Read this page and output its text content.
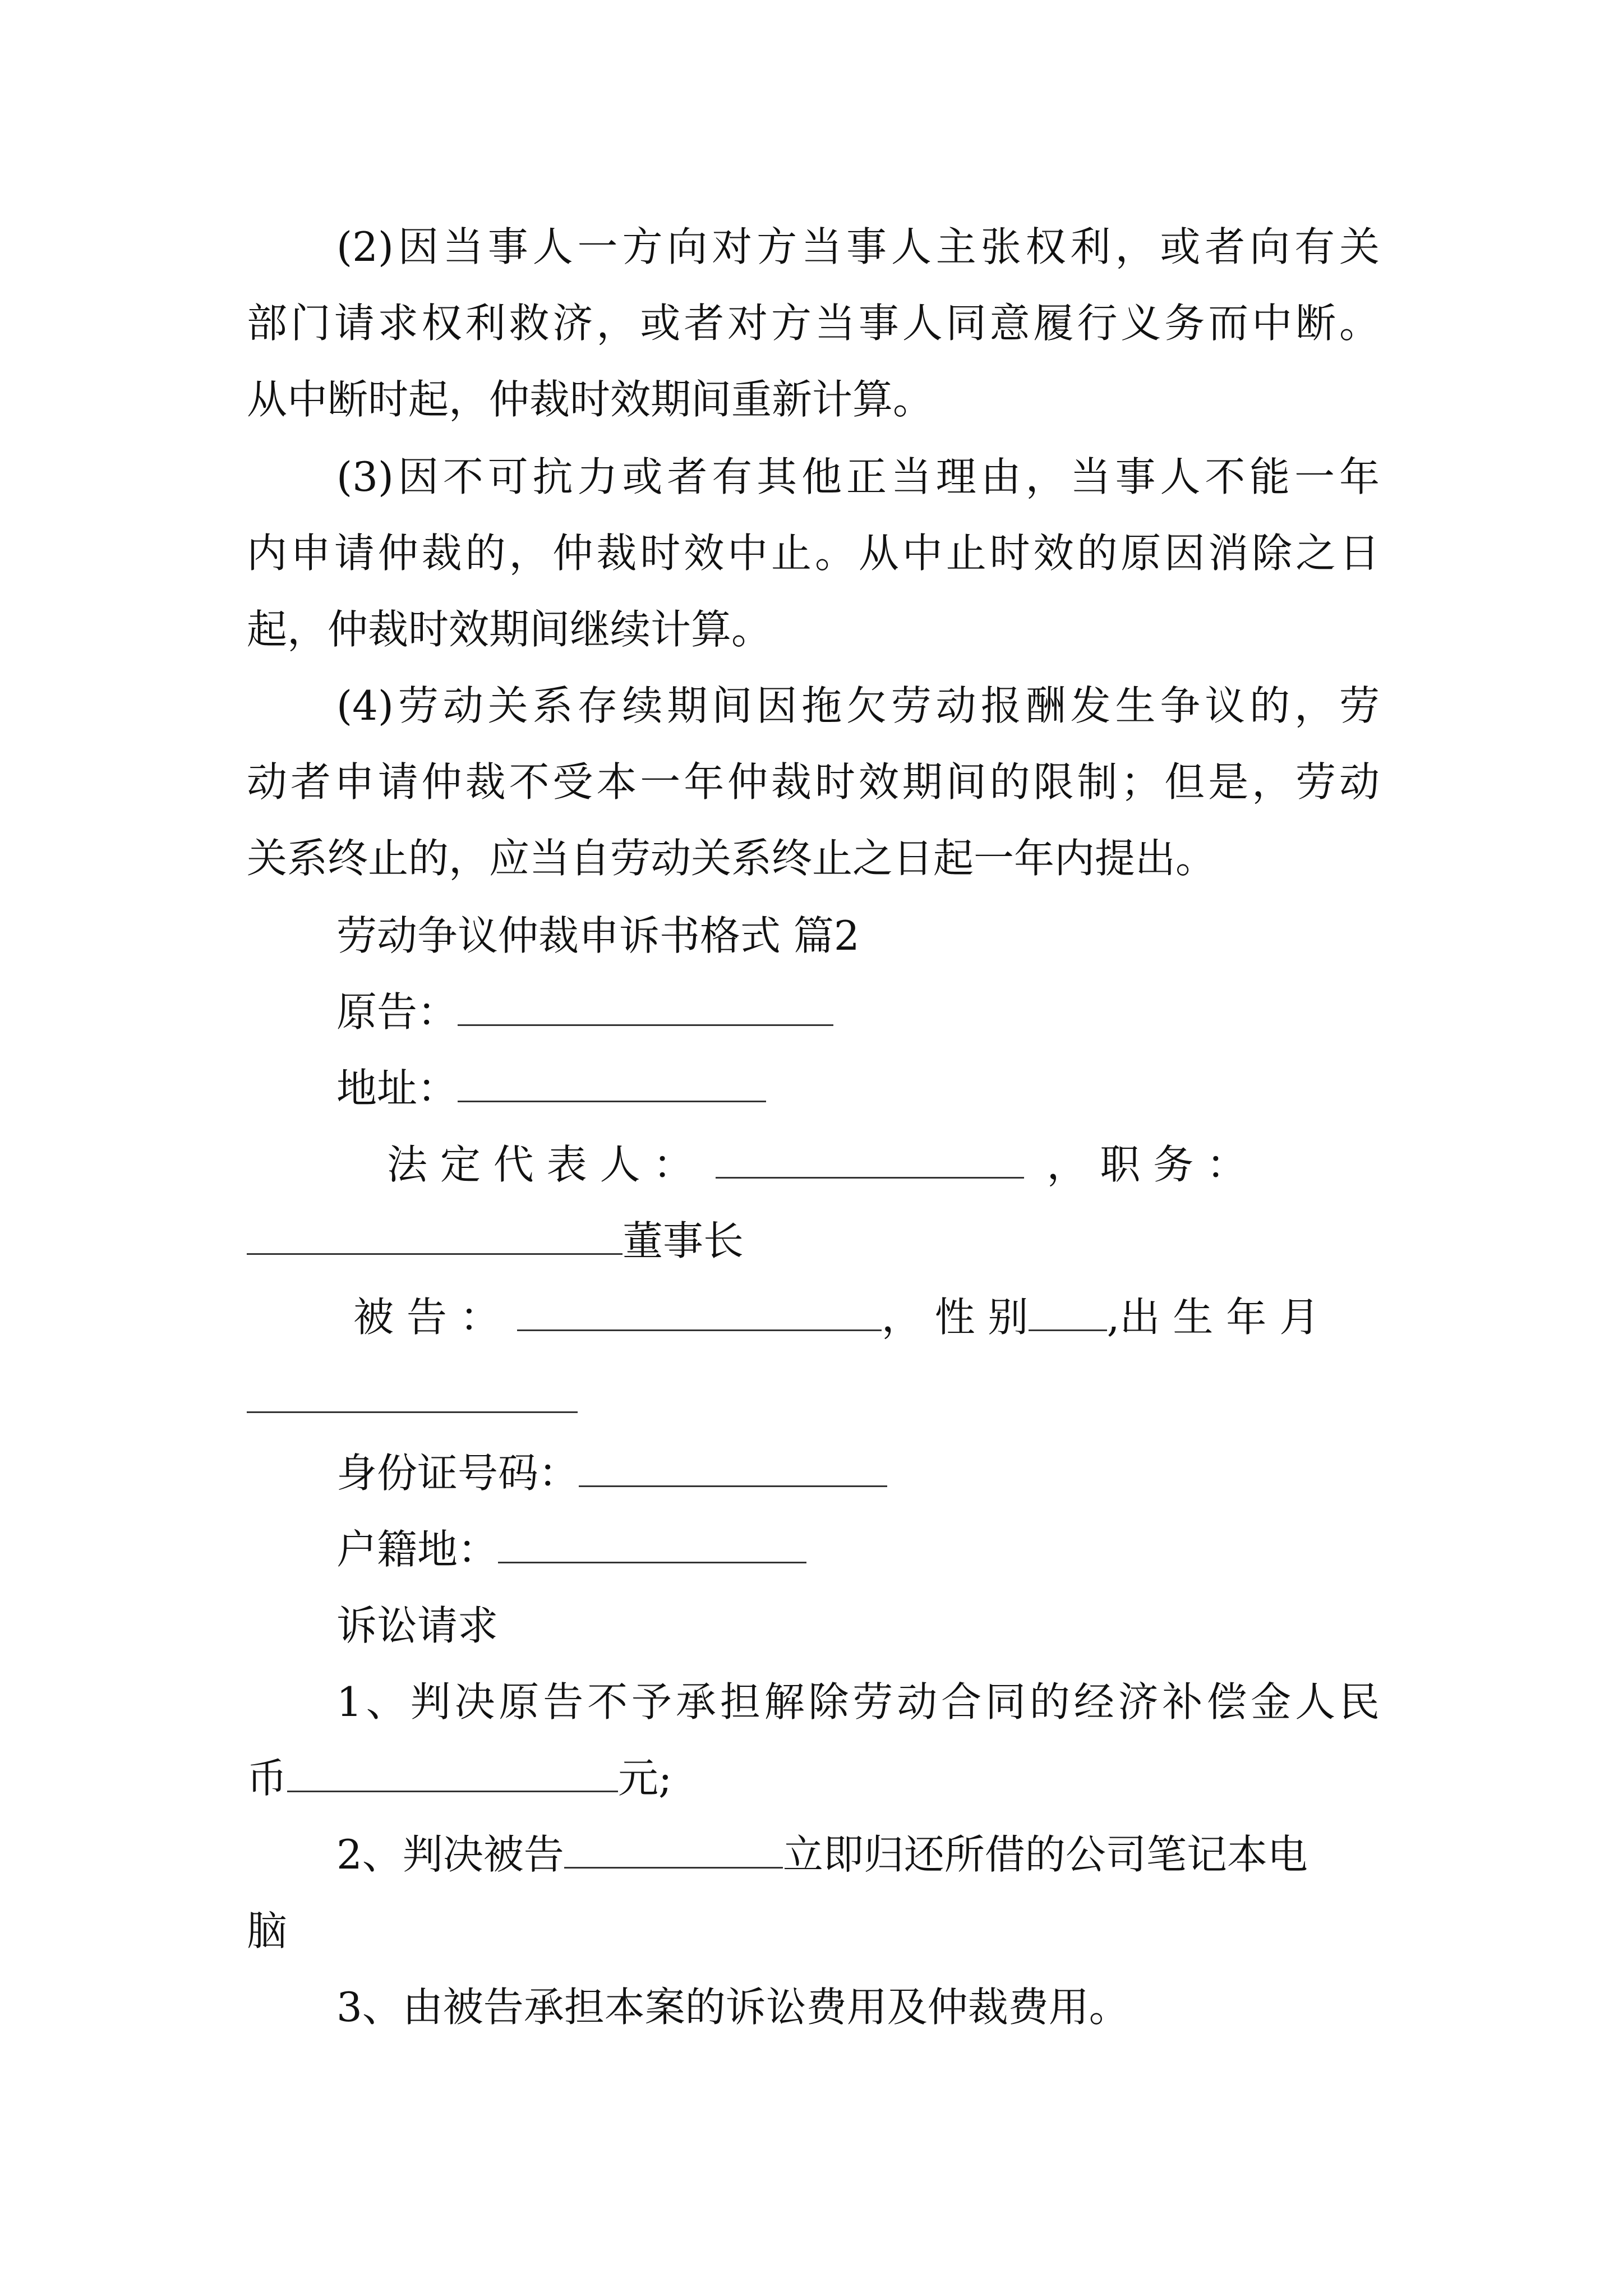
(2)因当事人一方向对方当事人主张权利，或者向有关
部门请求权利救济，或者对方当事人同意履行义务而中断。
从中断时起，仲裁时效期间重新计算。
(3)因不可抗力或者有其他正当理由，当事人不能一年
内申请仲裁的，仲裁时效中止。从中止时效的原因消除之日
起，仲裁时效期间继续计算。
(4)劳动关系存续期间因拖欠劳动报酬发生争议的，劳
动者申请仲裁不受本一年仲裁时效期间的限制；但是，劳动
关系终止的，应当自劳动关系终止之日起一年内提出。
劳动争议仲裁申诉书格式 篇2
原告：
地址：
法 定 代 表 人 ：	， 职 务 ：
董事长
被 告 ：	， 性 别 ,出 生 年 月
身份证号码：
户籍地：
诉讼请求
1、判决原告不予承担解除劳动合同的经济补偿金人民
币	元;
2、判决被告	立即归还所借的公司笔记本电
脑
3、由被告承担本案的诉讼费用及仲裁费用。
